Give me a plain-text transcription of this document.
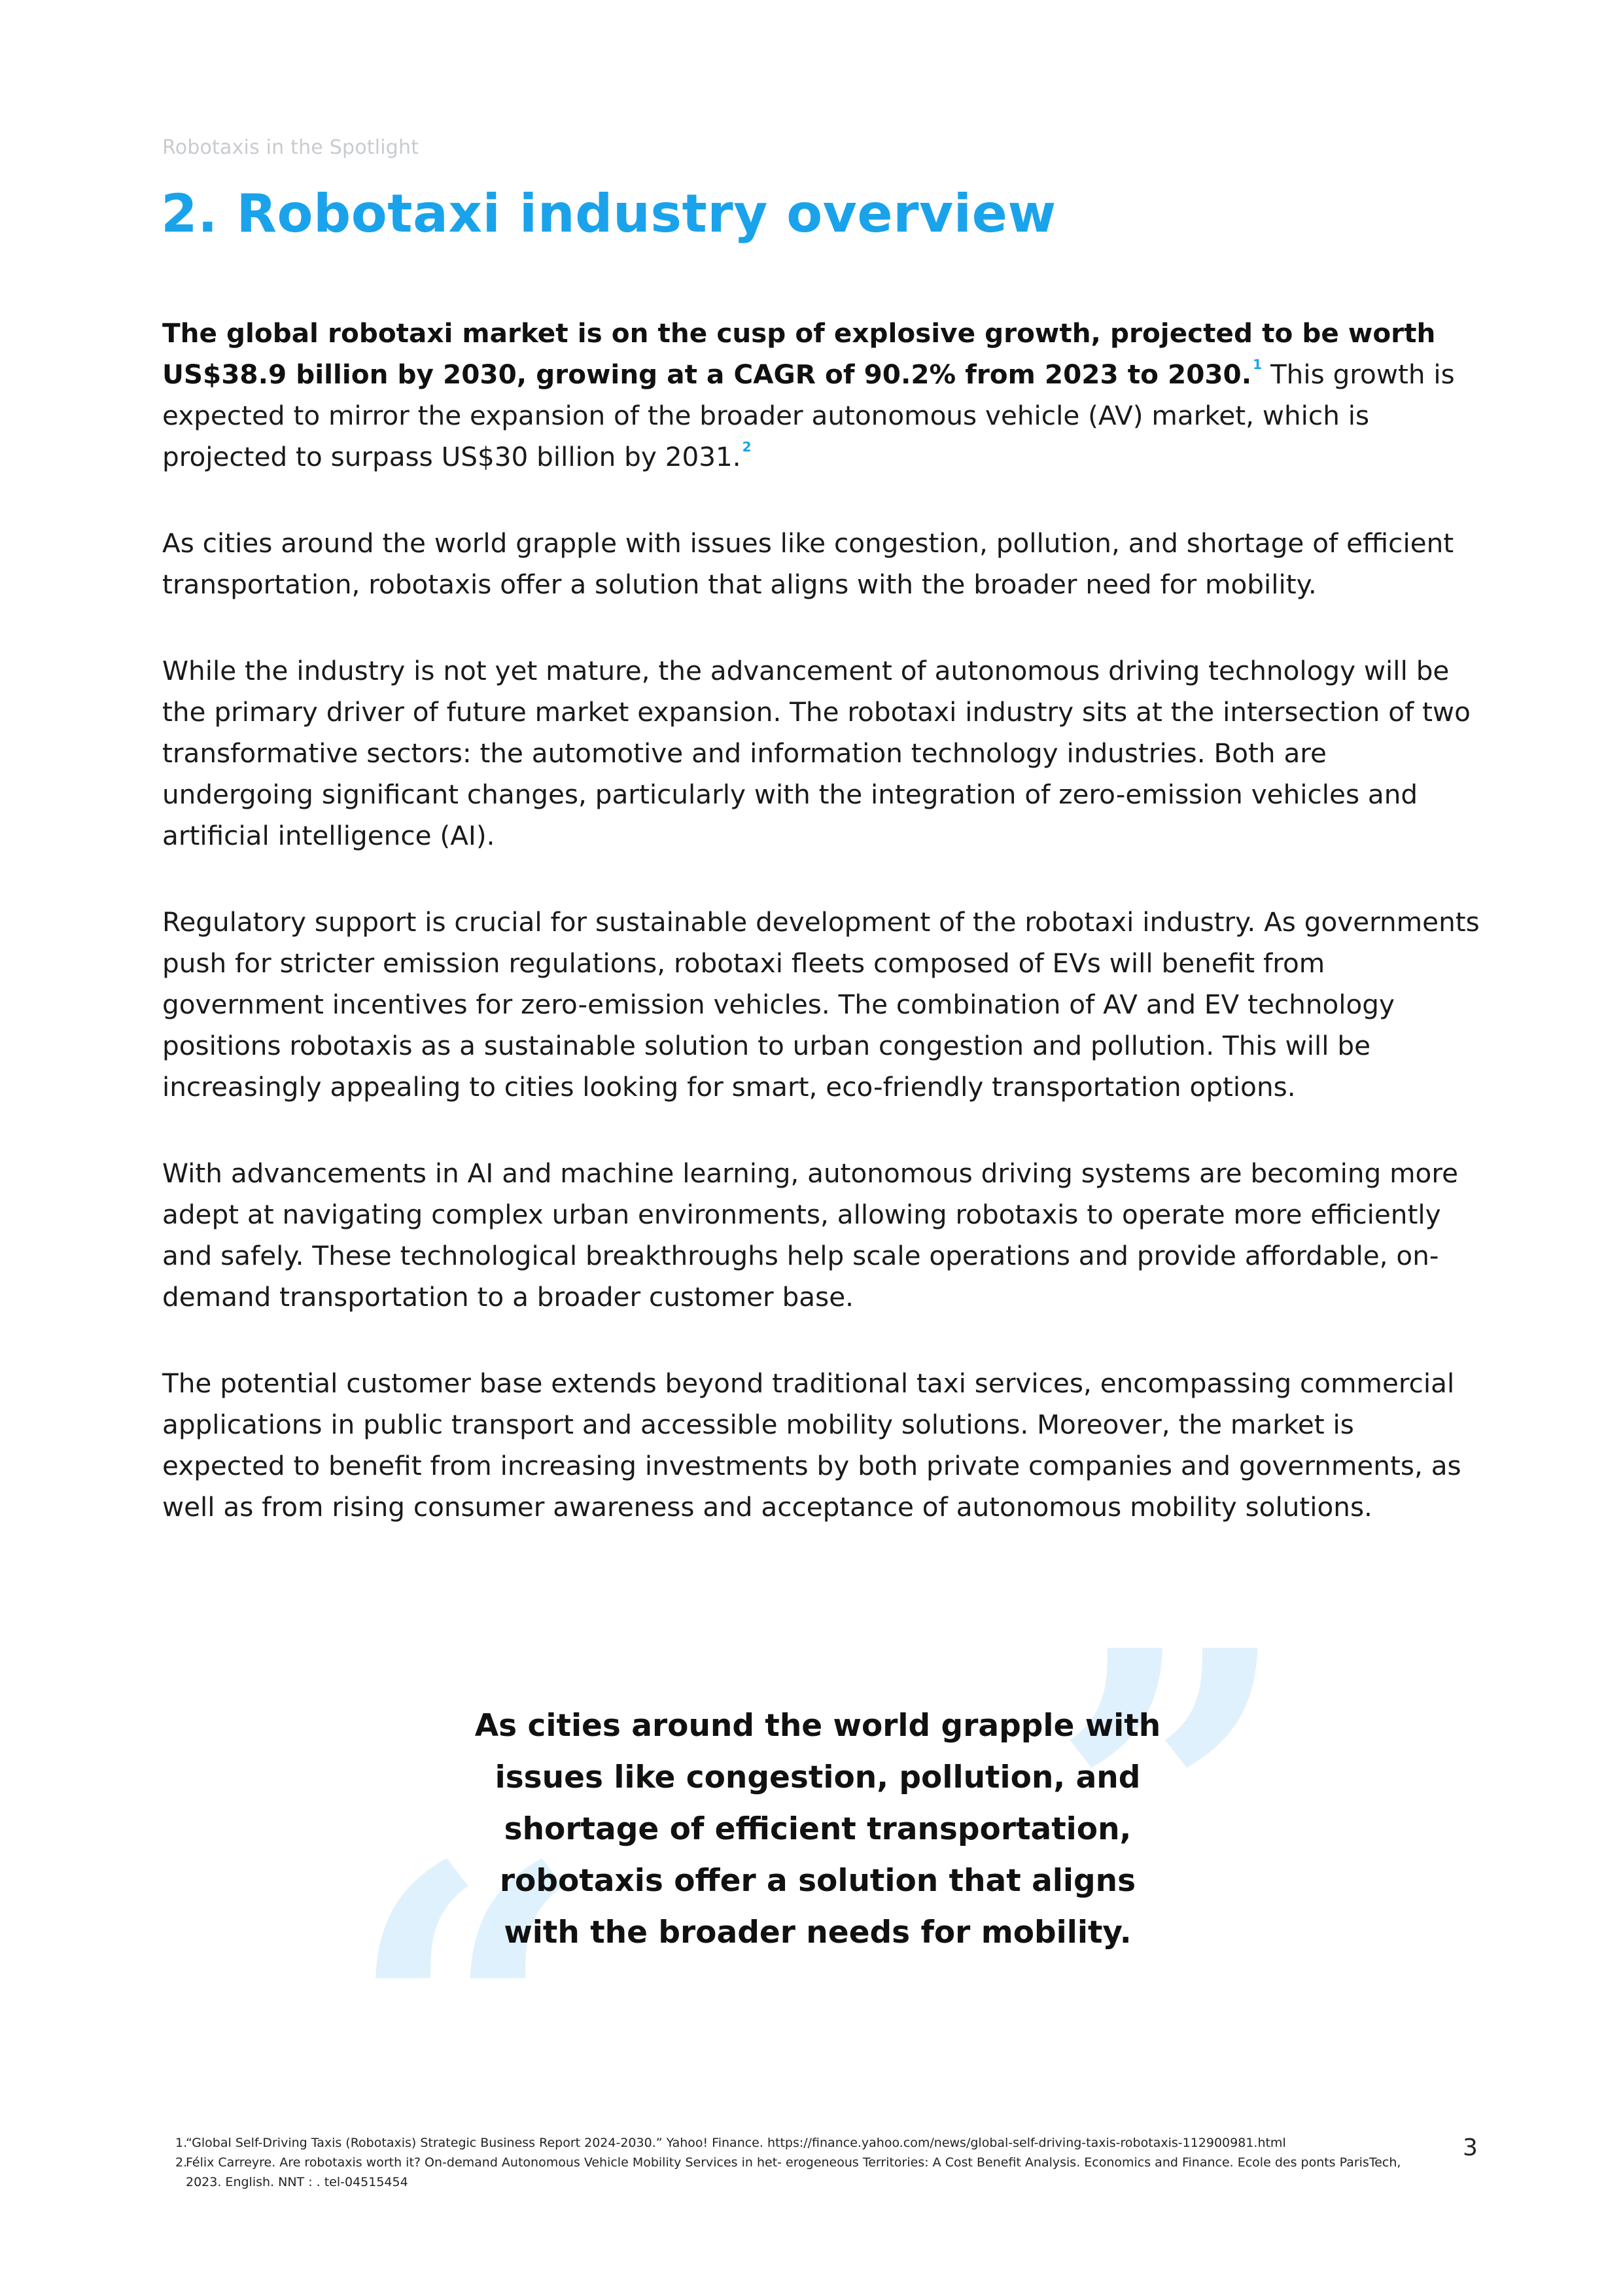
Robotaxis in the Spotlight
2. Robotaxi industry overview

The global robotaxi market is on the cusp of explosive growth, projected to be worth US$38.9 billion by 2030, growing at a CAGR of 90.2% from 2023 to 2030. $^1$ This growth is expected to mirror the expansion of the broader autonomous vehicle (AV) market, which is projected to surpass US$30 billion by 2031. $^2$

As cities around the world grapple with issues like congestion, pollution, and shortage of efficient transportation, robotaxis offer a solution that aligns with the broader need for mobility.

While the industry is not yet mature, the advancement of autonomous driving technology will be the primary driver of future market expansion. The robotaxi industry sits at the intersection of two transformative sectors: the automotive and information technology industries. Both are undergoing significant changes, particularly with the integration of zero-emission vehicles and artificial intelligence (AI).

Regulatory support is crucial for sustainable development of the robotaxi industry. As governments push for stricter emission regulations, robotaxi fleets composed of EVs will benefit from government incentives for zero-emission vehicles. The combination of AV and EV technology positions robotaxis as a sustainable solution to urban congestion and pollution. This will be increasingly appealing to cities looking for smart, eco-friendly transportation options.

With advancements in AI and machine learning, autonomous driving systems are becoming more adept at navigating complex urban environments, allowing robotaxis to operate more efficiently and safely. These technological breakthroughs help scale operations and provide affordable, on-demand transportation to a broader customer base.

The potential customer base extends beyond traditional taxi services, encompassing commercial applications in public transport and accessible mobility solutions. Moreover, the market is expected to benefit from increasing investments by both private companies and governments, as well as from rising consumer awareness and acceptance of autonomous mobility solutions.

”
“
As cities around the world grapple with
issues like congestion, pollution, and
shortage of efficient transportation,
robotaxis offer a solution that aligns
with the broader needs for mobility.
1.
“Global Self-Driving Taxis (Robotaxis) Strategic Business Report 2024-2030.” Yahoo! Finance. https://finance.yahoo.com/news/global-self-driving-taxis-robotaxis-112900981.html
2.
Félix Carreyre. Are robotaxis worth it? On-demand Autonomous Vehicle Mobility Services in het- erogeneous Territories: A Cost Benefit Analysis. Economics and Finance. Ecole des ponts ParisTech, 2023. English. NNT : . tel-04515454
3
